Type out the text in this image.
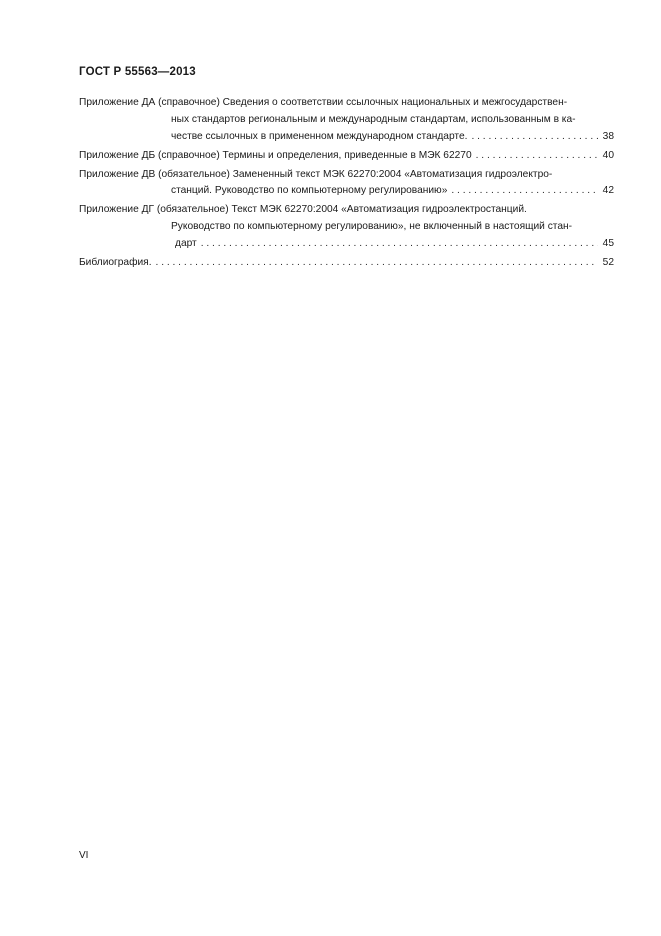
ГОСТ Р 55563—2013
Приложение ДА (справочное) Сведения о соответствии ссылочных национальных и межгосударствен-
ных стандартов региональным и международным стандартам, использованным в ка-
честве ссылочных в примененном международном стандарте. . . .	38
Приложение ДБ (справочное) Термины и определения, приведенные в МЭК 62270 . . .	40
Приложение ДВ (обязательное) Замененный текст МЭК 62270:2004 «Автоматизация гидроэлектро-
станций. Руководство по компьютерному регулированию» . . .	42
Приложение ДГ (обязательное) Текст МЭК 62270:2004 «Автоматизация гидроэлектростанций.
Руководство по компьютерному регулированию», не включенный в настоящий стан-
дарт . . .	45
Библиография. . . .	52
VI
